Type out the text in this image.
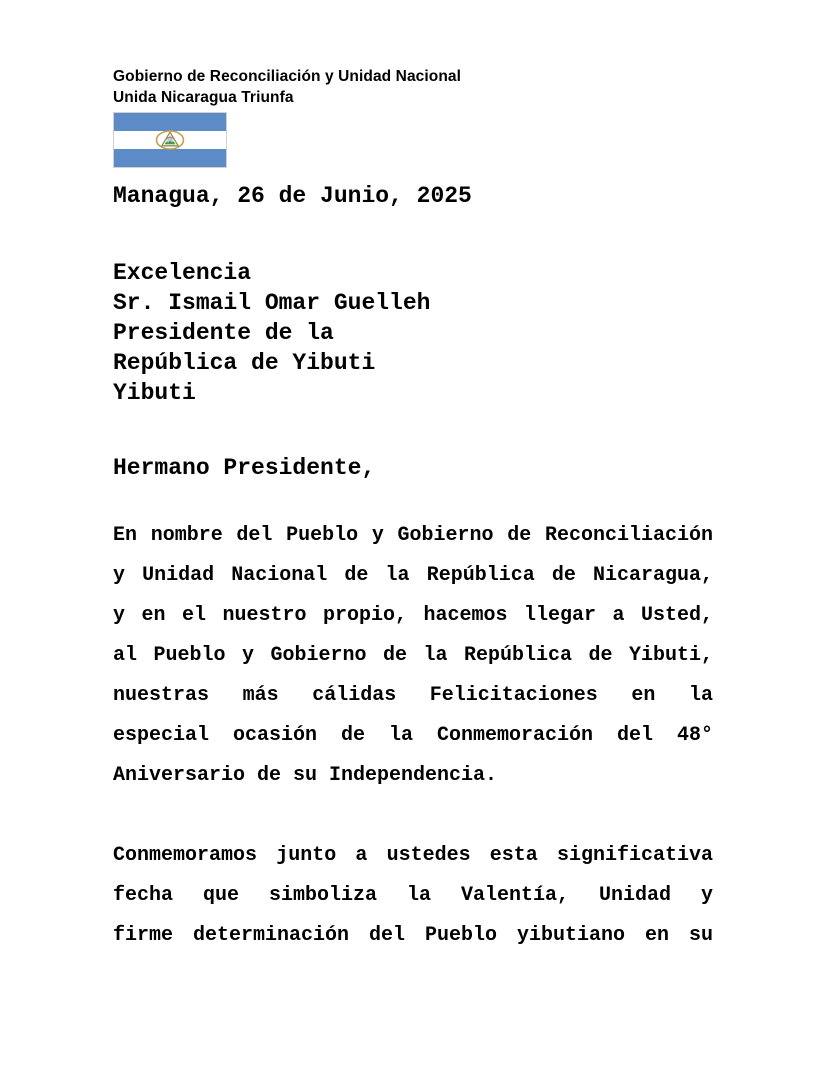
Gobierno de Reconciliación y Unidad Nacional
Unida Nicaragua Triunfa
Managua, 26 de Junio, 2025
Excelencia
Sr. Ismail Omar Guelleh
Presidente de la
República de Yibuti
Yibuti
Hermano Presidente,
En nombre del Pueblo y Gobierno de Reconciliación
y Unidad Nacional de la República de Nicaragua,
y en el nuestro propio, hacemos llegar a Usted,
al Pueblo y Gobierno de la República de Yibuti,
nuestras más cálidas Felicitaciones en la
especial ocasión de la Conmemoración del 48°
Aniversario de su Independencia.
Conmemoramos junto a ustedes esta significativa
fecha que simboliza la Valentía, Unidad y
firme determinación del Pueblo yibutiano en su
